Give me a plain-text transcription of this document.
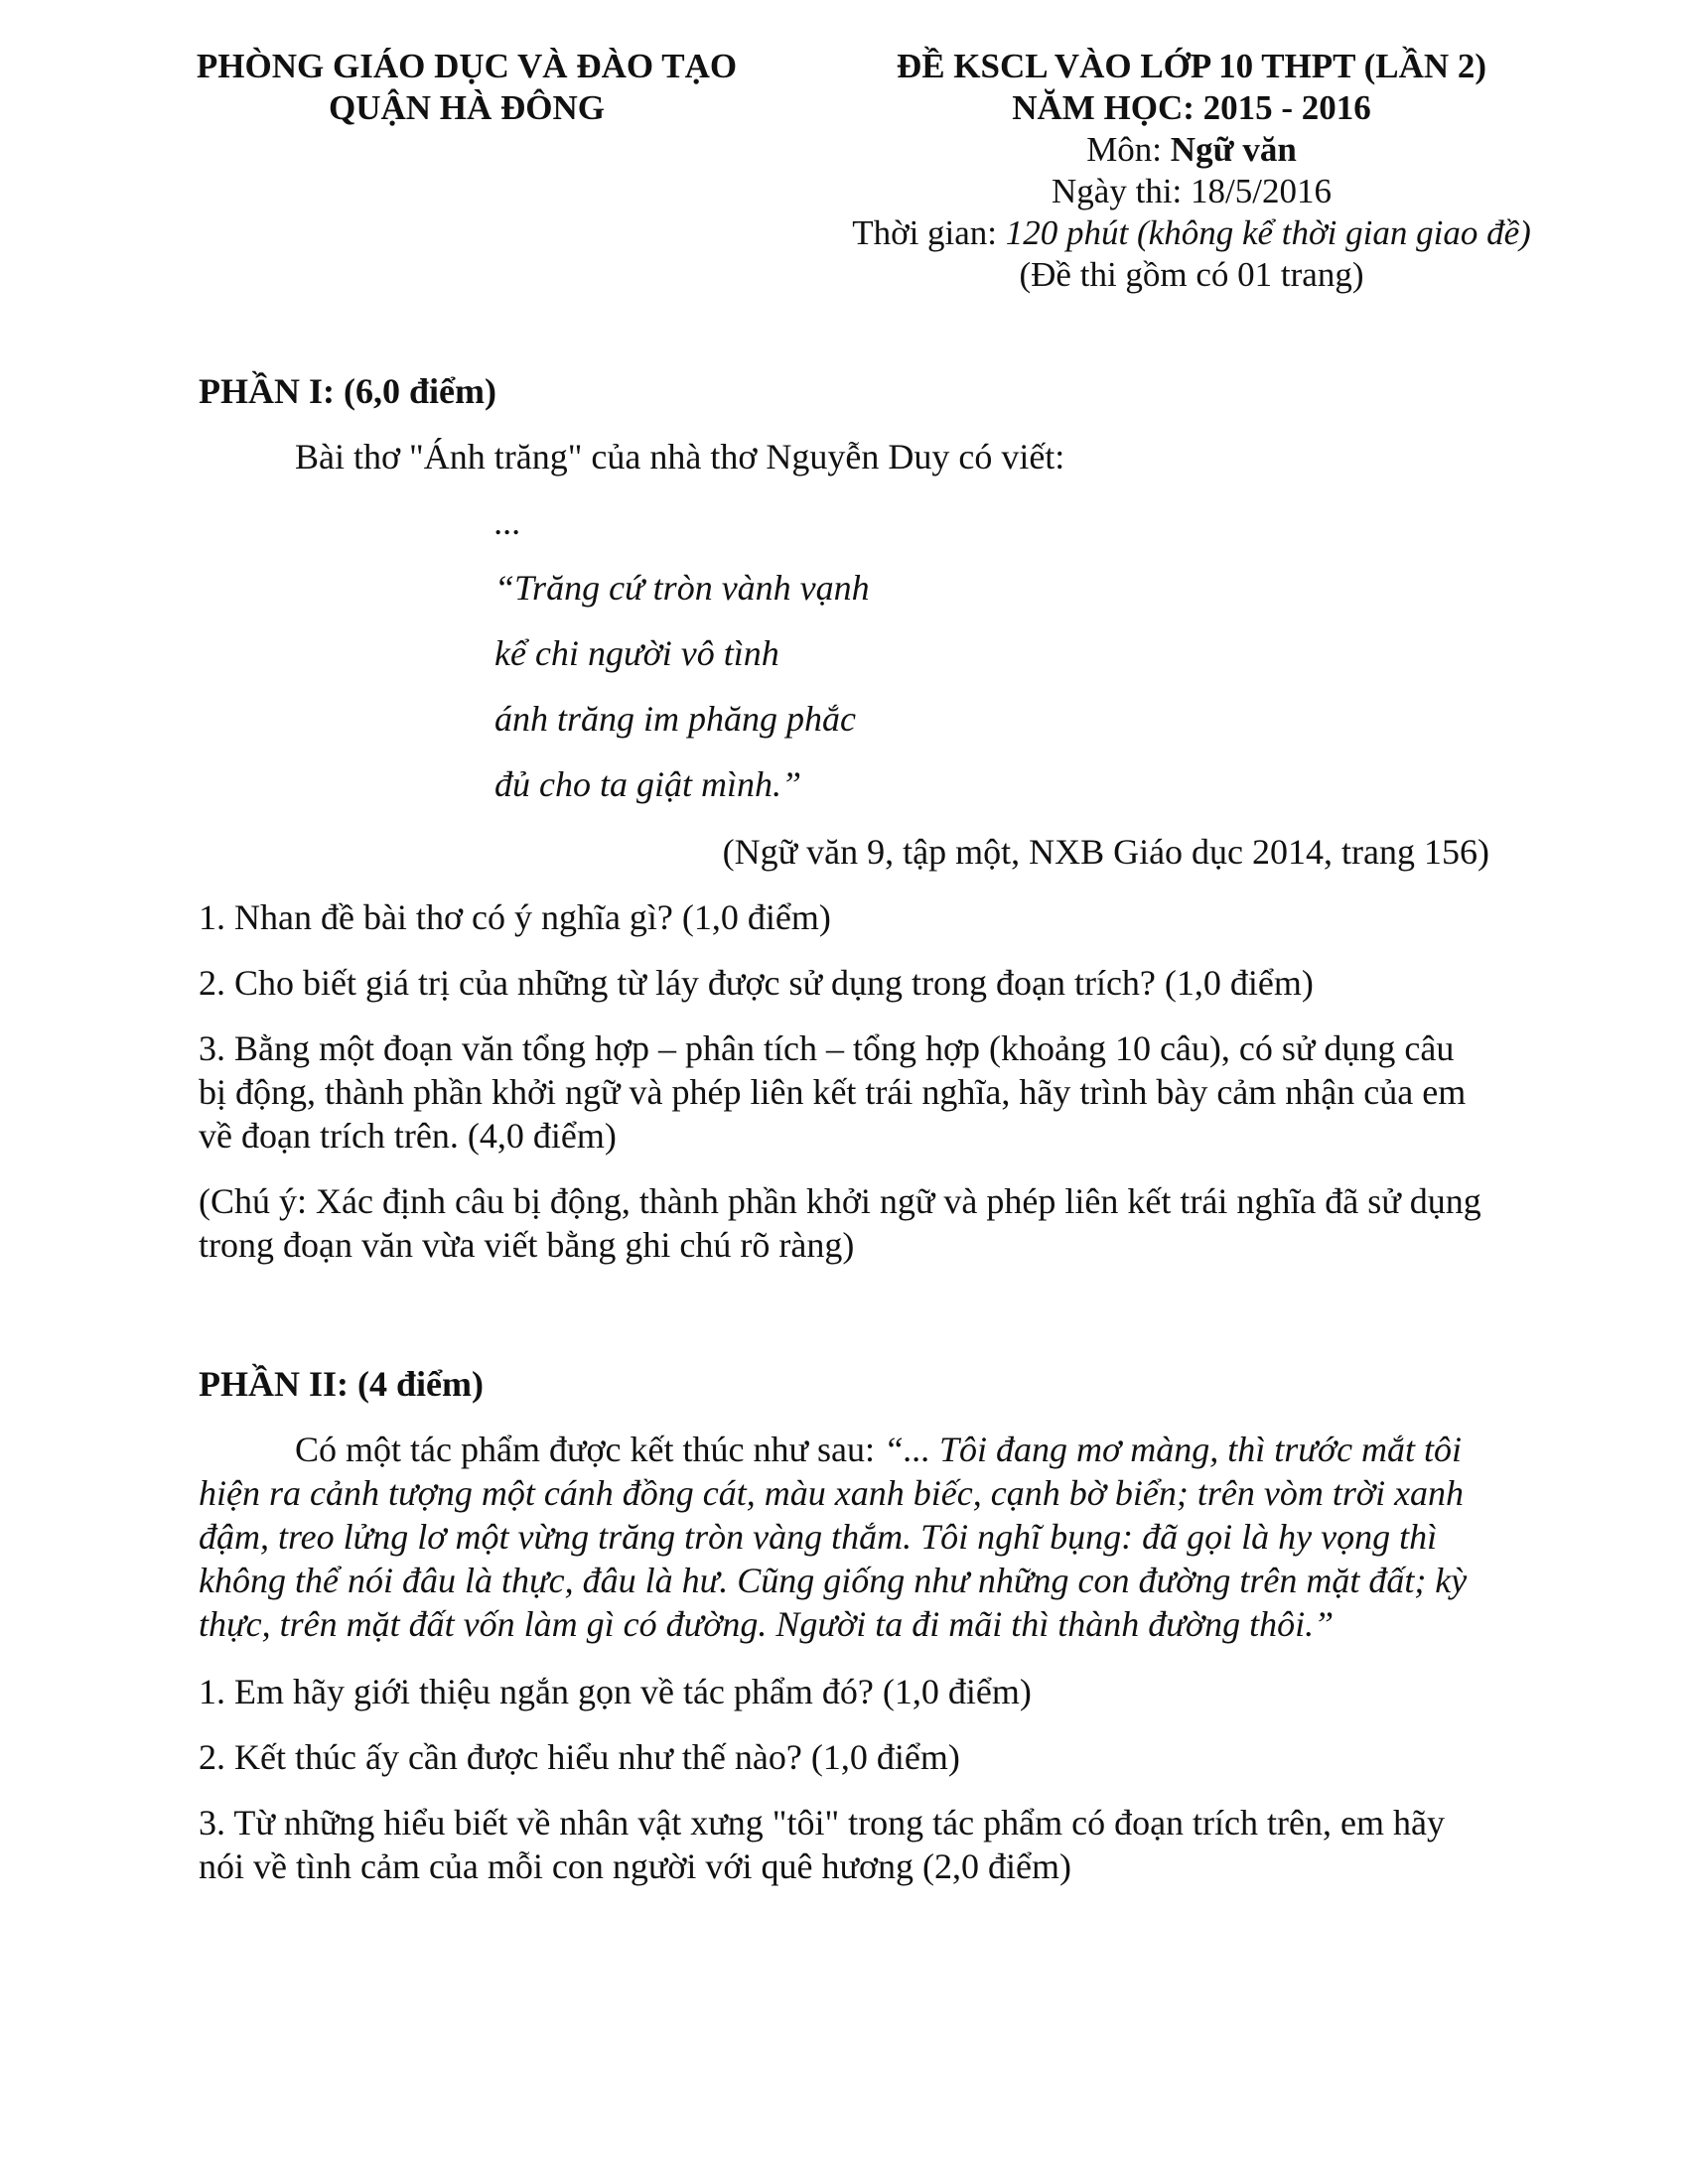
PHÒNG GIÁO DỤC VÀ ĐÀO TẠO
QUẬN HÀ ĐÔNG
ĐỀ KSCL VÀO LỚP 10 THPT (LẦN 2)
NĂM HỌC: 2015 - 2016
Môn: Ngữ văn
Ngày thi: 18/5/2016
Thời gian: 120 phút (không kể thời gian giao đề)
(Đề thi gồm có 01 trang)
PHẦN I: (6,0 điểm)
Bài thơ "Ánh trăng" của nhà thơ Nguyễn Duy có viết:
...
“Trăng cứ tròn vành vạnh
kể chi người vô tình
ánh trăng im phăng phắc
đủ cho ta giật mình.”
(Ngữ văn 9, tập một, NXB Giáo dục 2014, trang 156)
1. Nhan đề bài thơ có ý nghĩa gì? (1,0 điểm)
2. Cho biết giá trị của những từ láy được sử dụng trong đoạn trích? (1,0 điểm)
3. Bằng một đoạn văn tổng hợp – phân tích – tổng hợp (khoảng 10 câu), có sử dụng câu bị động, thành phần khởi ngữ và phép liên kết trái nghĩa, hãy trình bày cảm nhận của em về đoạn trích trên. (4,0 điểm)
(Chú ý: Xác định câu bị động, thành phần khởi ngữ và phép liên kết trái nghĩa đã sử dụng trong đoạn văn vừa viết bằng ghi chú rõ ràng)
PHẦN II: (4 điểm)
Có một tác phẩm được kết thúc như sau: “... Tôi đang mơ màng, thì trước mắt tôi hiện ra cảnh tượng một cánh đồng cát, màu xanh biếc, cạnh bờ biển; trên vòm trời xanh đậm, treo lửng lơ một vừng trăng tròn vàng thắm. Tôi nghĩ bụng: đã gọi là hy vọng thì không thể nói đâu là thực, đâu là hư. Cũng giống như những con đường trên mặt đất; kỳ thực, trên mặt đất vốn làm gì có đường. Người ta đi mãi thì thành đường thôi.”
1. Em hãy giới thiệu ngắn gọn về tác phẩm đó? (1,0 điểm)
2. Kết thúc ấy cần được hiểu như thế nào? (1,0 điểm)
3. Từ những hiểu biết về nhân vật xưng "tôi" trong tác phẩm có đoạn trích trên, em hãy nói về tình cảm của mỗi con người với quê hương (2,0 điểm)
